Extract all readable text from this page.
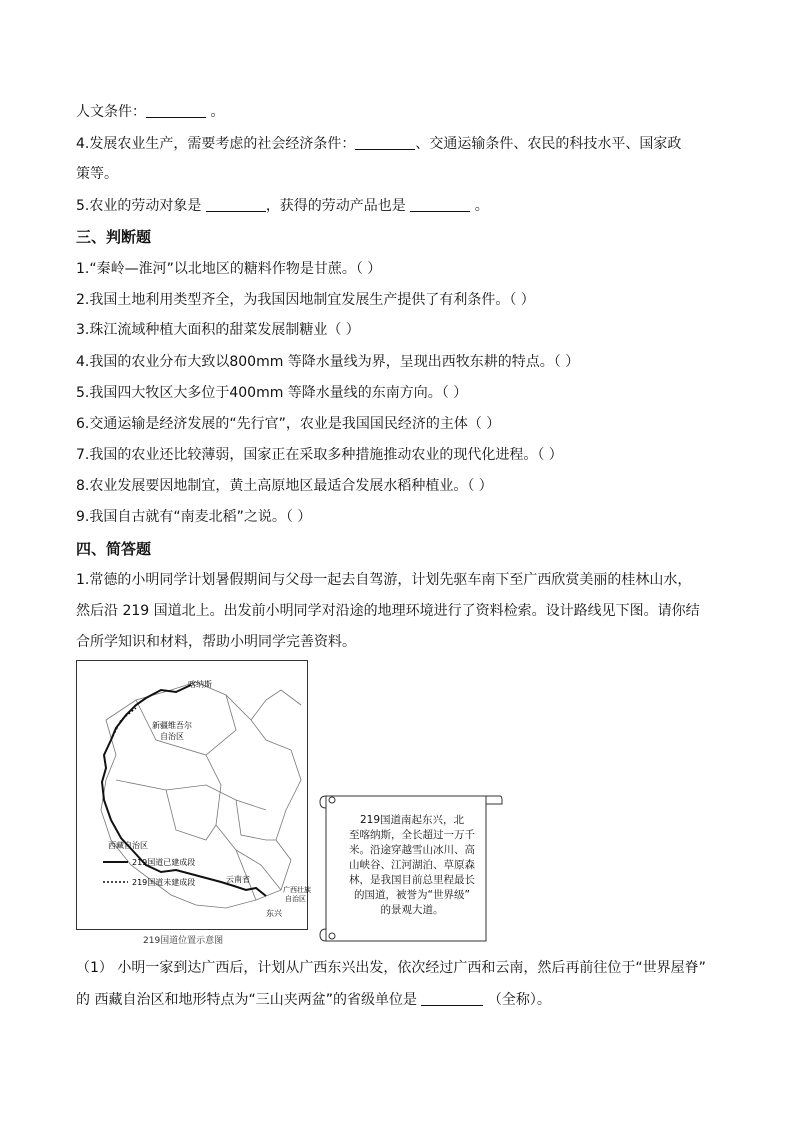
人文条件：	。
4.发展农业生产，需要考虑的社会经济条件：	、交通运输条件、农民的科技水平、国家政
策等。
5.农业的劳动对象是	，获得的劳动产品也是	。
三、判断题
1.“秦岭—淮河”以北地区的糖料作物是甘蔗。（ ）
2.我国土地利用类型齐全，为我国因地制宜发展生产提供了有利条件。（ ）
3.珠江流域种植大面积的甜菜发展制糖业（ ）
4.我国的农业分布大致以800mm 等降水量线为界，呈现出西牧东耕的特点。（ ）
5.我国四大牧区大多位于400mm 等降水量线的东南方向。（ ）
6.交通运输是经济发展的“先行官”，农业是我国国民经济的主体（ ）
7.我国的农业还比较薄弱，国家正在采取多种措施推动农业的现代化进程。（ ）
8.农业发展要因地制宜，黄土高原地区最适合发展水稻种植业。（ ）
9.我国自古就有“南麦北稻”之说。（ ）
四、简答题
1.常德的小明同学计划暑假期间与父母一起去自驾游，计划先驱车南下至广西欣赏美丽的桂林山水，
然后沿 219 国道北上。出发前小明同学对沿途的地理环境进行了资料检索。设计路线见下图。请你结
合所学知识和材料，帮助小明同学完善资料。
喀纳斯
新疆维吾尔
自治区
西藏自治区
云南省
广西壮族
自治区
东兴
219国道已建成段
219国道未建成段
219国道位置示意图
219国道南起东兴，北
至喀纳斯，全长超过一万千
米。沿途穿越雪山冰川、高
山峡谷、江河湖泊、草原森
林，是我国目前总里程最长
的国道，被誉为“世界级”
的景观大道。
（1） 小明一家到达广西后，计划从广西东兴出发，依次经过广西和云南，然后再前往位于“世界屋脊”
的 西藏自治区和地形特点为“三山夹两盆”的省级单位是	（全称）。
